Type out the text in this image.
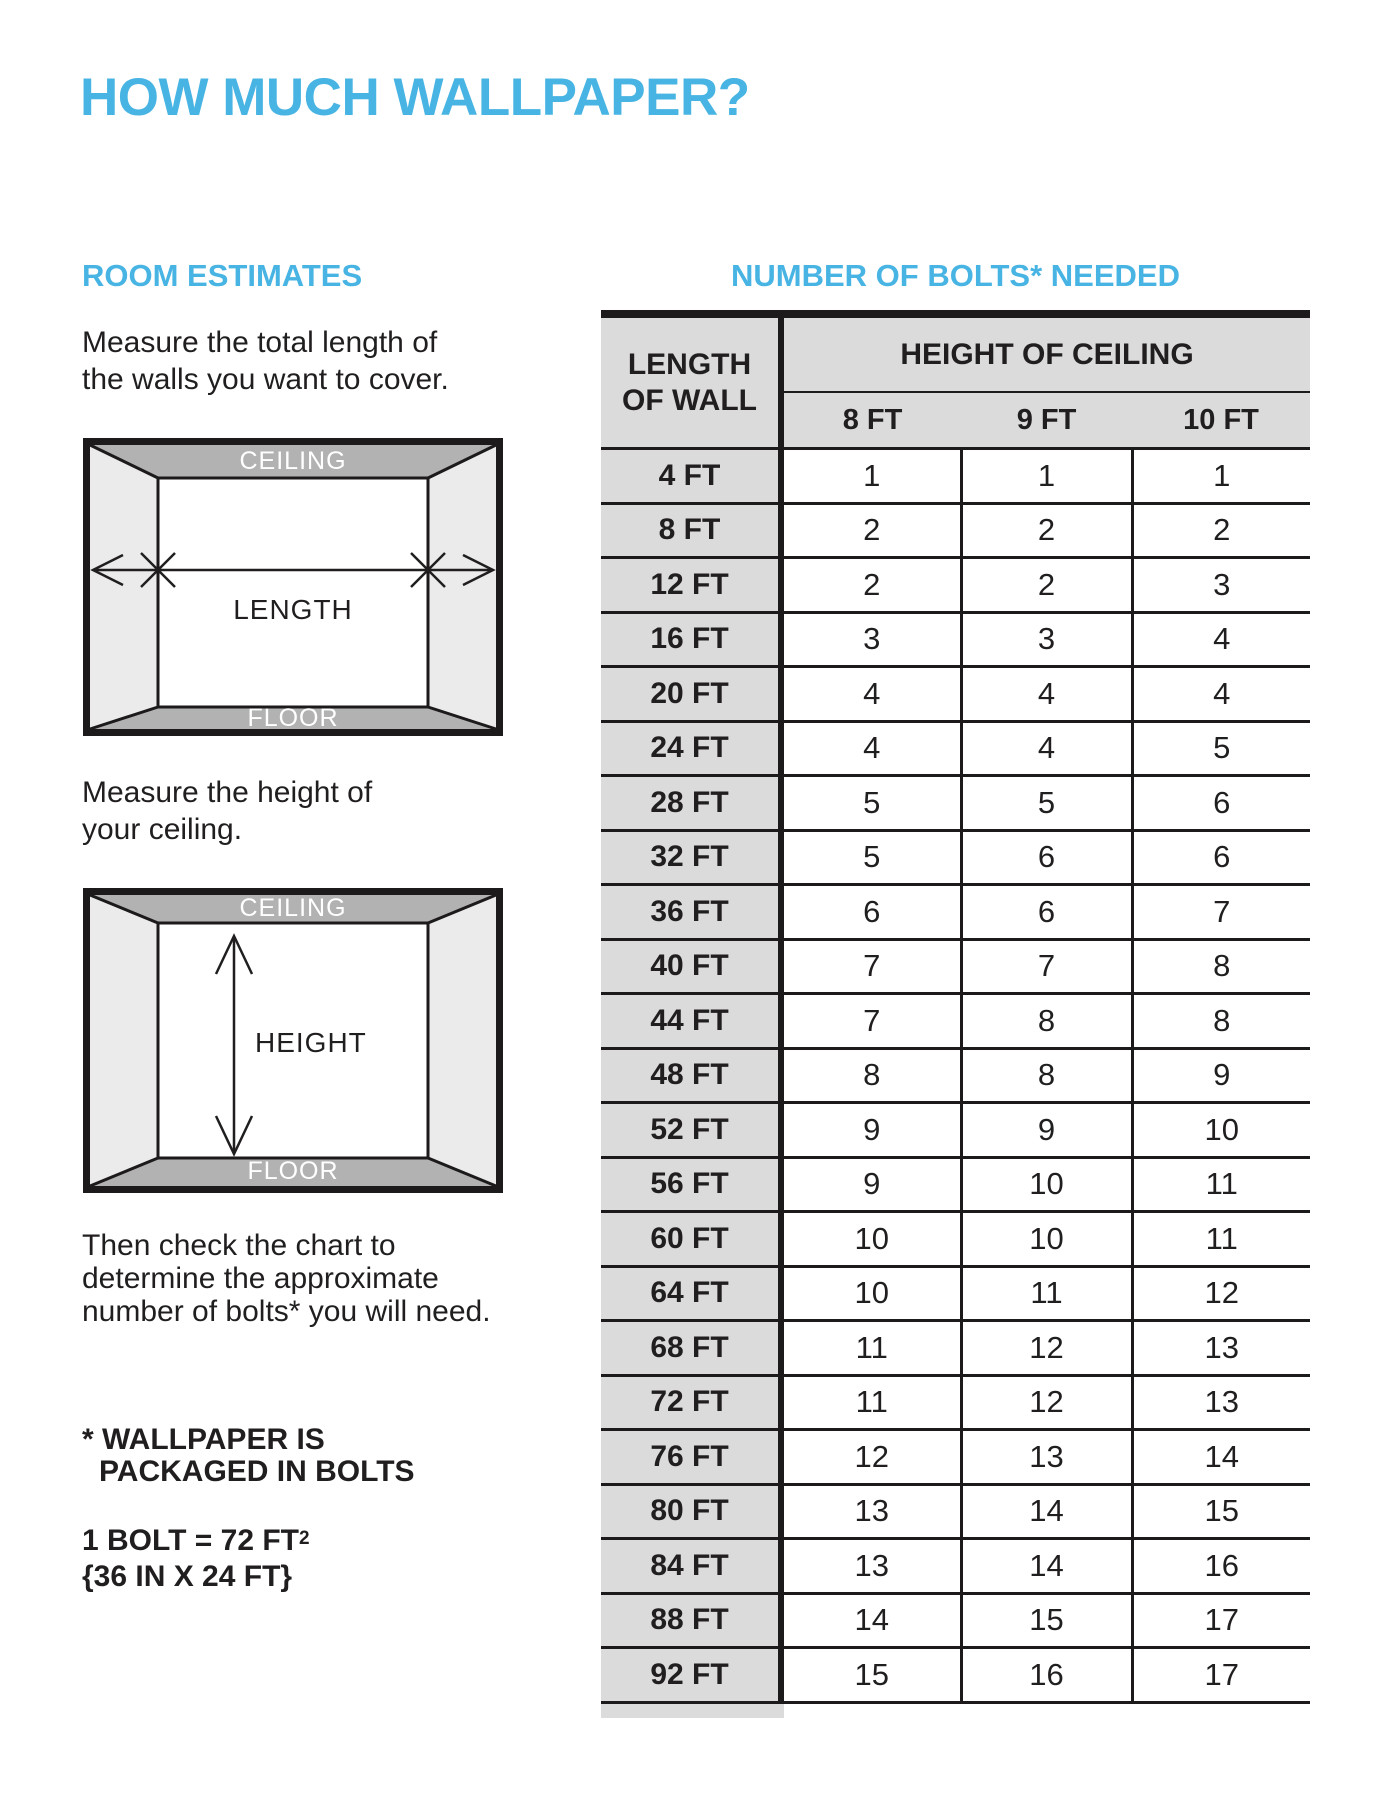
HOW MUCH WALLPAPER?
ROOM ESTIMATES
Measure the total length of
the walls you want to cover.
CEILING
LENGTH
FLOOR
Measure the height of
your ceiling.
CEILING
HEIGHT
FLOOR
Then check the chart to
determine the approximate
number of bolts* you will need.
* WALLPAPER IS
PACKAGED IN BOLTS
1 BOLT = 72 $FT^2$
{36 IN X 24 FT}
NUMBER OF BOLTS* NEEDED
LENGTH
OF WALL	HEIGHT OF CEILING		
	8 FT	9 FT	10 FT
4 FT	1	1	1
8 FT	2	2	2
12 FT	2	2	3
16 FT	3	3	4
20 FT	4	4	4
24 FT	4	4	5
28 FT	5	5	6
32 FT	5	6	6
36 FT	6	6	7
40 FT	7	7	8
44 FT	7	8	8
48 FT	8	8	9
52 FT	9	9	10
56 FT	9	10	11
60 FT	10	10	11
64 FT	10	11	12
68 FT	11	12	13
72 FT	11	12	13
76 FT	12	13	14
80 FT	13	14	15
84 FT	13	14	16
88 FT	14	15	17
92 FT	15	16	17
